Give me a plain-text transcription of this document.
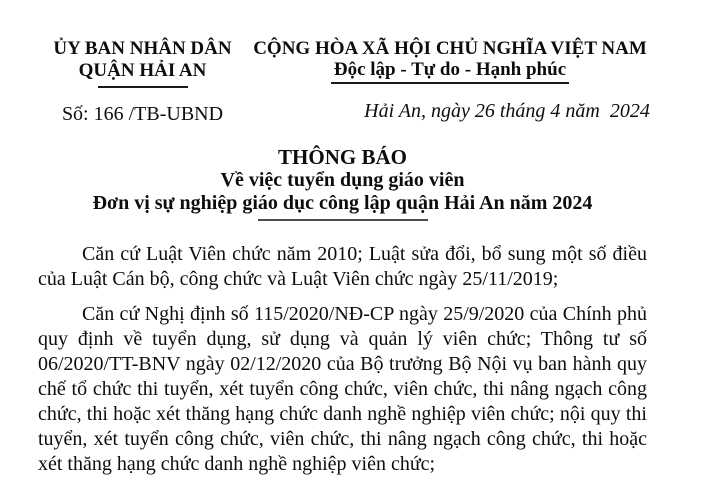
ỦY BAN NHÂN DÂN
QUẬN HẢI AN
Số: 166 /TB-UBND
CỘNG HÒA XÃ HỘI CHỦ NGHĨA VIỆT NAM
Độc lập - Tự do - Hạnh phúc
Hải An, ngày 26 tháng 4 năm  2024
THÔNG BÁO
Về việc tuyển dụng giáo viên
Đơn vị sự nghiệp giáo dục công lập quận Hải An năm 2024

Căn cứ Luật Viên chức năm 2010; Luật sửa đổi, bổ sung một số điều của Luật Cán bộ, công chức và Luật Viên chức ngày 25/11/2019;

Căn cứ Nghị định số 115/2020/NĐ-CP ngày 25/9/2020 của Chính phủ quy định về tuyển dụng, sử dụng và quản lý viên chức; Thông tư số 06/2020/TT-BNV ngày 02/12/2020 của Bộ trưởng Bộ Nội vụ ban hành quy chế tổ chức thi tuyển, xét tuyển công chức, viên chức, thi nâng ngạch công chức, thi hoặc xét thăng hạng chức danh nghề nghiệp viên chức; nội quy thi tuyển, xét tuyển công chức, viên chức, thi nâng ngạch công chức, thi hoặc xét thăng hạng chức danh nghề nghiệp viên chức;
